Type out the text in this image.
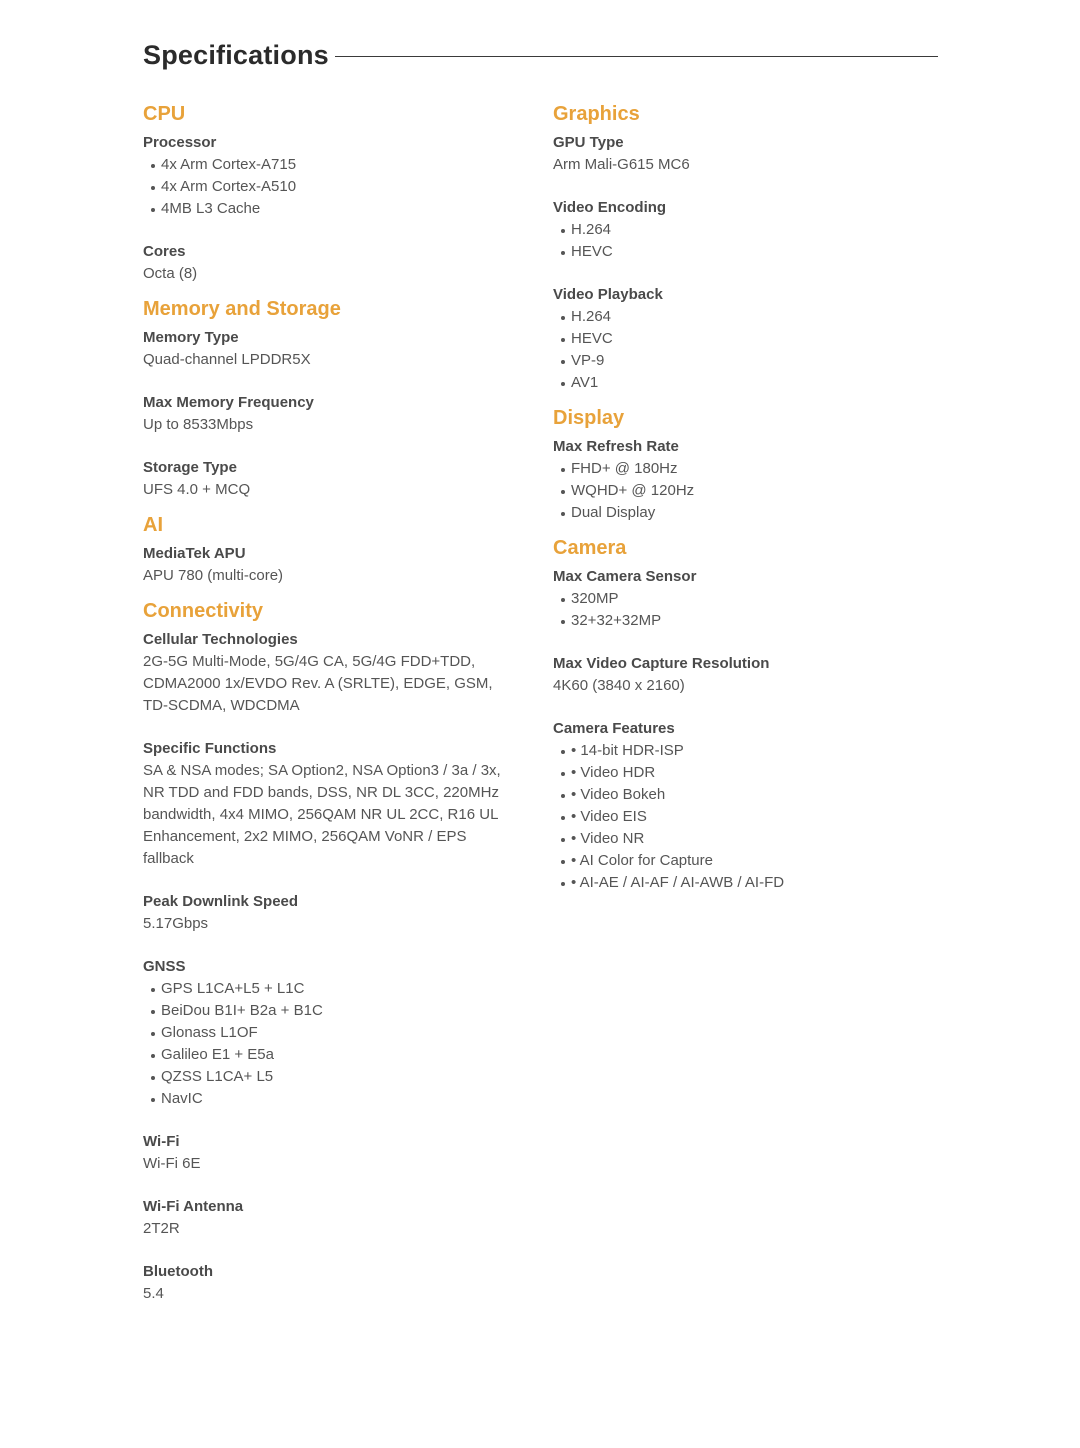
Specifications
CPU
Processor
4x Arm Cortex-A715
4x Arm Cortex-A510
4MB L3 Cache
Cores
Octa (8)
Memory and Storage
Memory Type
Quad-channel LPDDR5X
Max Memory Frequency
Up to 8533Mbps
Storage Type
UFS 4.0 + MCQ
AI
MediaTek APU
APU 780 (multi-core)
Connectivity
Cellular Technologies
2G-5G Multi-Mode, 5G/4G CA, 5G/4G FDD+TDD, CDMA2000 1x/EVDO Rev. A (SRLTE), EDGE, GSM, TD-SCDMA, WDCDMA
Specific Functions
SA & NSA modes; SA Option2, NSA Option3 / 3a / 3x, NR TDD and FDD bands, DSS, NR DL 3CC, 220MHz bandwidth, 4x4 MIMO, 256QAM NR UL 2CC, R16 UL Enhancement, 2x2 MIMO, 256QAM VoNR / EPS fallback
Peak Downlink Speed
5.17Gbps
GNSS
GPS L1CA+L5 + L1C
BeiDou B1I+ B2a + B1C
Glonass L1OF
Galileo E1 + E5a
QZSS L1CA+ L5
NavIC
Wi-Fi
Wi-Fi 6E
Wi-Fi Antenna
2T2R
Bluetooth
5.4
Graphics
GPU Type
Arm Mali-G615 MC6
Video Encoding
H.264
HEVC
Video Playback
H.264
HEVC
VP-9
AV1
Display
Max Refresh Rate
FHD+ @ 180Hz
WQHD+ @ 120Hz
Dual Display
Camera
Max Camera Sensor
320MP
32+32+32MP
Max Video Capture Resolution
4K60 (3840 x 2160)
Camera Features
• 14-bit HDR-ISP
• Video HDR
• Video Bokeh
• Video EIS
• Video NR
• AI Color for Capture
• AI-AE / AI-AF / AI-AWB / AI-FD
